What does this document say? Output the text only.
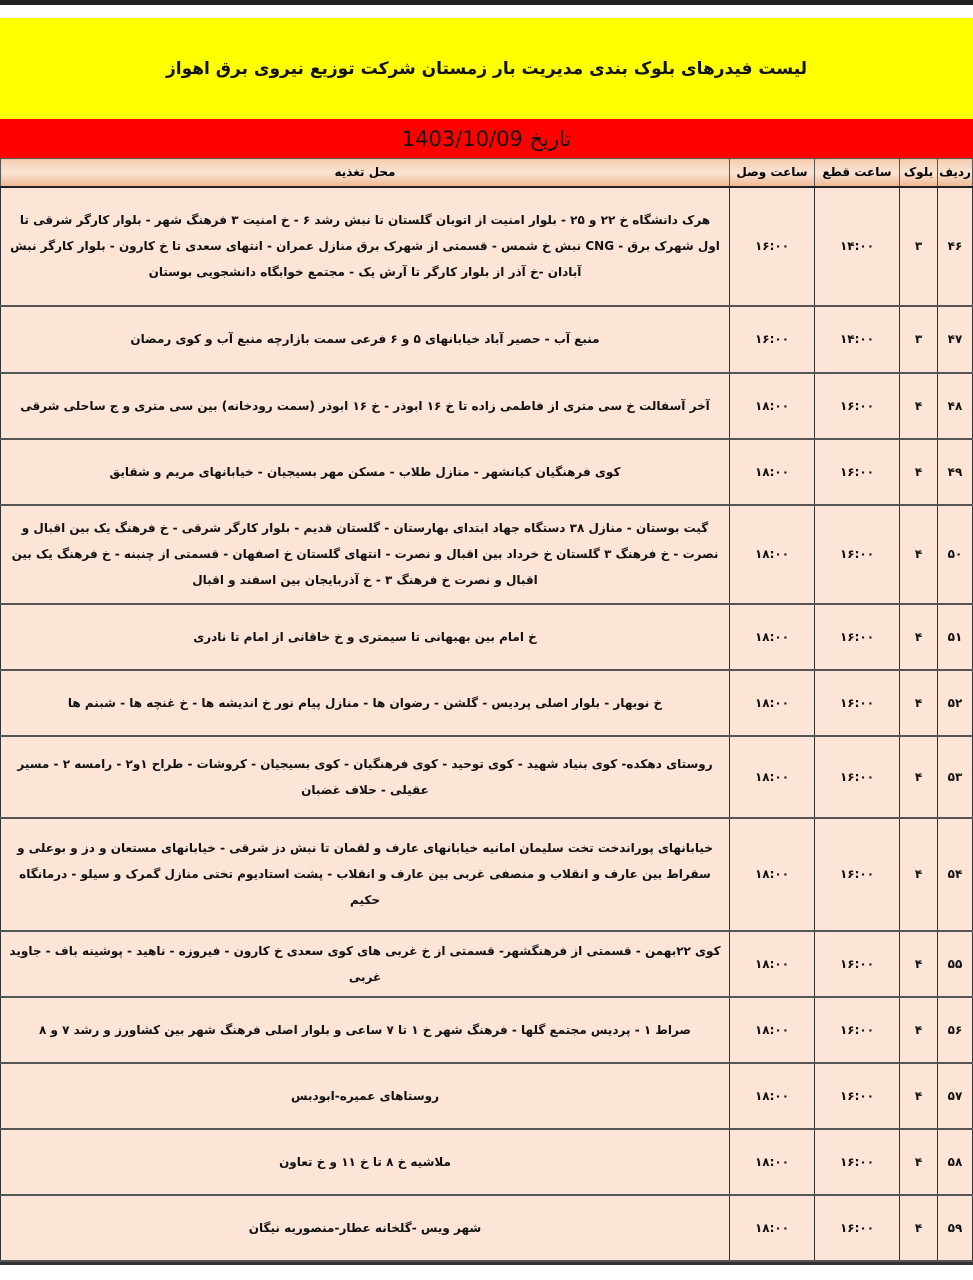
لیست فیدرهای بلوک بندی مدیریت بار زمستان شرکت توزیع نیروی برق اهواز
تاریخ 1403/10/09
ردیف	بلوک	ساعت قطع	ساعت وصل	محل تغذیه
۴۶	۳	۱۴:۰۰	۱۶:۰۰	هرک دانشگاه خ ۲۲ و ۲۵ - بلوار امنیت از اتوبان گلستان تا نبش رشد ۶ - خ امنیت ۳ فرهنگ شهر - بلوار کارگر شرقی تا اول شهرک برق - CNG نبش خ شمس - قسمتی از شهرک برق منازل عمران - انتهای سعدی تا خ کارون - بلوار کارگر نبش آبادان -خ آذر از بلوار کارگر تا آرش یک - مجتمع خوابگاه دانشجویی بوستان
۴۷	۳	۱۴:۰۰	۱۶:۰۰	منبع آب - حصیر آباد خیابانهای ۵ و ۶ فرعی سمت بازارچه منبع آب و کوی رمضان
۴۸	۴	۱۶:۰۰	۱۸:۰۰	آخر آسفالت خ سی متری از فاطمی زاده تا خ ۱۶ ابوذر - خ ۱۶ ابوذر (سمت رودخانه) بین سی متری و ج ساحلی شرقی
۴۹	۴	۱۶:۰۰	۱۸:۰۰	کوی فرهنگیان کیانشهر - منازل طلاب - مسکن مهر بسیجیان - خیابانهای مریم و شقایق
۵۰	۴	۱۶:۰۰	۱۸:۰۰	گیت بوستان - منازل ۳۸ دستگاه جهاد ابتدای بهارستان - گلستان قدیم - بلوار کارگر شرقی - خ فرهنگ یک بین اقبال و نصرت - خ فرهنگ ۳ گلستان خ خرداد بین اقبال و نصرت - انتهای گلستان خ اصفهان - قسمتی از چنبنه - خ فرهنگ یک بین اقبال و نصرت خ فرهنگ ۳ - خ آذربایجان بین اسفند و اقبال
۵۱	۴	۱۶:۰۰	۱۸:۰۰	خ امام بین بهبهانی تا سیمتری و خ خاقانی از امام تا نادری
۵۲	۴	۱۶:۰۰	۱۸:۰۰	خ نوبهار - بلوار اصلی پردیس - گلشن - رضوان ها - منازل پیام نور خ اندیشه ها - خ غنچه ها - شبنم ها
۵۳	۴	۱۶:۰۰	۱۸:۰۰	روستای دهکده- کوی بنیاد شهید - کوی توحید - کوی فرهنگیان - کوی بسیجیان - کروشات - طراح ۱و۲ - رامسه ۲ - مسیر عقیلی - حلاف غضبان
۵۴	۴	۱۶:۰۰	۱۸:۰۰	خیابانهای پوراندخت تخت سلیمان امانیه خیابانهای عارف و لقمان تا نبش دز شرقی - خیابانهای مستعان و دز و بوعلی و سقراط بین عارف و انقلاب و منصفی غربی بین عارف و انقلاب - پشت استادیوم تختی منازل گمرک و سیلو - درمانگاه حکیم
۵۵	۴	۱۶:۰۰	۱۸:۰۰	کوی ۲۲بهمن - قسمتی از فرهنگشهر- قسمتی از خ غربی های کوی سعدی خ کارون - فیروزه - ناهید - پوشینه باف - جاوید غربی
۵۶	۴	۱۶:۰۰	۱۸:۰۰	صراط ۱ - پردیس مجتمع گلها - فرهنگ شهر خ ۱ تا ۷ ساعی و بلوار اصلی فرهنگ شهر بین کشاورز و رشد ۷ و ۸
۵۷	۴	۱۶:۰۰	۱۸:۰۰	روستاهای عمیره-ابودبس
۵۸	۴	۱۶:۰۰	۱۸:۰۰	ملاشیه خ ۸ تا خ ۱۱ و خ تعاون
۵۹	۴	۱۶:۰۰	۱۸:۰۰	شهر ویس -گلخانه عطار-منصوریه نیگان
